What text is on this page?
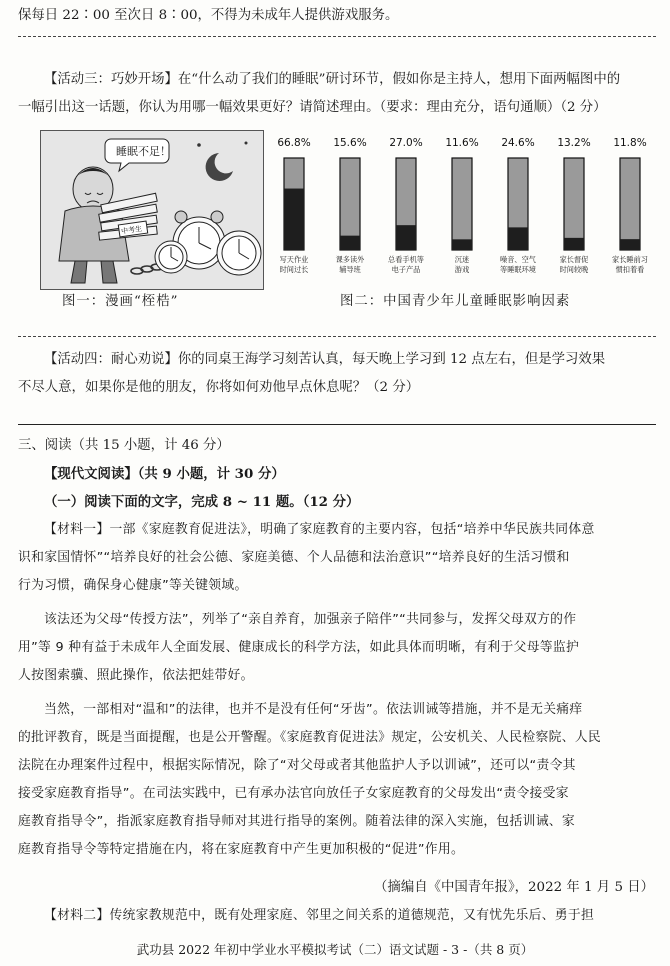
保每日 22∶00 至次日 8∶00，不得为未成年人提供游戏服务。
【活动三：巧妙开场】在“什么动了我们的睡眠”研讨环节，假如你是主持人，想用下面两幅图中的
一幅引出这一话题，你认为用哪一幅效果更好？请简述理由。（要求：理由充分，语句通顺）（2 分）
睡眠不足！
中考生
图一：漫画“桎梏”
66.8%
写天作业
时间过长
15.6%
课多读外
辅导班
27.0%
总看手机等
电子产品
11.6%
沉迷
游戏
24.6%
噪音、空气
等睡眠环境
13.2%
家长督促
时间较晚
11.8%
家长睡前习
惯扣着看
图二：中国青少年儿童睡眠影响因素
【活动四：耐心劝说】你的同桌王海学习刻苦认真，每天晚上学习到 12 点左右，但是学习效果
不尽人意，如果你是他的朋友，你将如何劝他早点休息呢？（2 分）
三、阅读（共 15 小题，计 46 分）
【现代文阅读】（共 9 小题，计 30 分）
（一）阅读下面的文字，完成 8 ~ 11 题。（12 分）
【材料一】一部《家庭教育促进法》，明确了家庭教育的主要内容，包括“培养中华民族共同体意
识和家国情怀”“培养良好的社会公德、家庭美德、个人品德和法治意识”“培养良好的生活习惯和
行为习惯，确保身心健康”等关键领域。
该法还为父母“传授方法”，列举了“亲自养育，加强亲子陪伴”“共同参与，发挥父母双方的作
用”等 9 种有益于未成年人全面发展、健康成长的科学方法，如此具体而明晰，有利于父母等监护
人按图索骥、照此操作，依法把娃带好。
当然，一部相对“温和”的法律，也并不是没有任何“牙齿”。依法训诫等措施，并不是无关痛痒
的批评教育，既是当面提醒，也是公开警醒。《家庭教育促进法》规定，公安机关、人民检察院、人民
法院在办理案件过程中，根据实际情况，除了“对父母或者其他监护人予以训诫”，还可以“责令其
接受家庭教育指导”。在司法实践中，已有承办法官向放任子女家庭教育的父母发出“责令接受家
庭教育指导令”，指派家庭教育指导师对其进行指导的案例。随着法律的深入实施，包括训诫、家
庭教育指导令等特定措施在内，将在家庭教育中产生更加积极的“促进”作用。
（摘编自《中国青年报》，2022 年 1 月 5 日）
【材料二】传统家教规范中，既有处理家庭、邻里之间关系的道德规范，又有忧先乐后、勇于担
武功县 2022 年初中学业水平模拟考试（二）语文试题 - 3 -（共 8 页）
